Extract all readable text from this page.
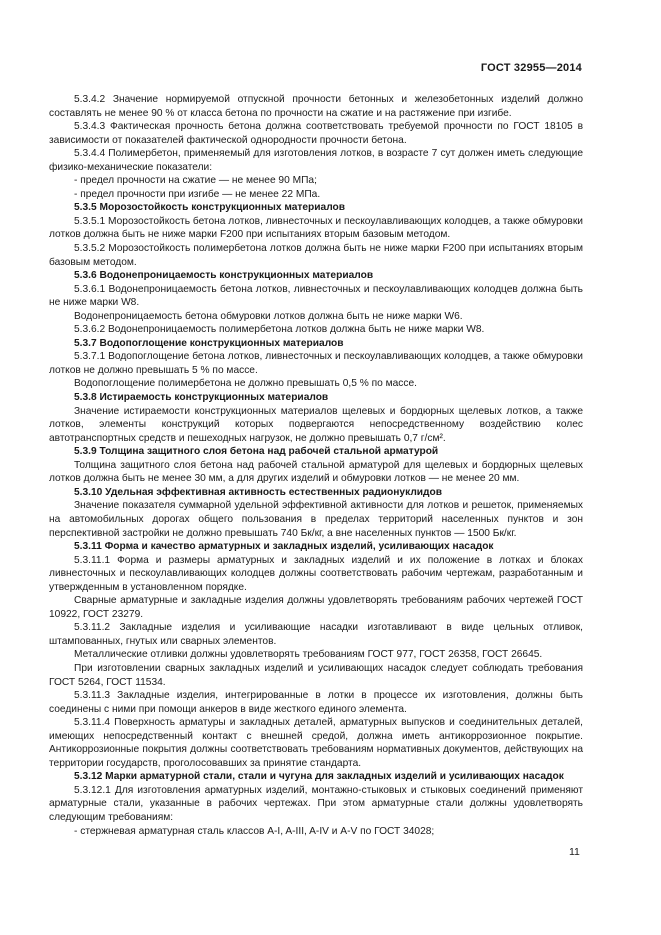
ГОСТ 32955—2014

5.3.4.2 Значение нормируемой отпускной прочности бетонных и железобетонных изделий должно составлять не менее 90 % от класса бетона по прочности на сжатие и на растяжение при изгибе.

5.3.4.3 Фактическая прочность бетона должна соответствовать требуемой прочности по ГОСТ 18105 в зависимости от показателей фактической однородности прочности бетона.

5.3.4.4 Полимербетон, применяемый для изготовления лотков, в возрасте 7 сут должен иметь следующие физико-механические показатели:

- предел прочности на сжатие — не менее 90 МПа;

- предел прочности при изгибе — не менее 22 МПа.

5.3.5 Морозостойкость конструкционных материалов

5.3.5.1 Морозостойкость бетона лотков, ливнесточных и пескоулавливающих колодцев, а также обмуровки лотков должна быть не ниже марки F200 при испытаниях вторым базовым методом.

5.3.5.2 Морозостойкость полимербетона лотков должна быть не ниже марки F200 при испытаниях вторым базовым методом.

5.3.6 Водонепроницаемость конструкционных материалов

5.3.6.1 Водонепроницаемость бетона лотков, ливнесточных и пескоулавливающих колодцев должна быть не ниже марки W8.

Водонепроницаемость бетона обмуровки лотков должна быть не ниже марки W6.

5.3.6.2 Водонепроницаемость полимербетона лотков должна быть не ниже марки W8.

5.3.7 Водопоглощение конструкционных материалов

5.3.7.1 Водопоглощение бетона лотков, ливнесточных и пескоулавливающих колодцев, а также обмуровки лотков не должно превышать 5 % по массе.

Водопоглощение полимербетона не должно превышать 0,5 % по массе.

5.3.8 Истираемость конструкционных материалов

Значение истираемости конструкционных материалов щелевых и бордюрных щелевых лотков, а также лотков, элементы конструкций которых подвергаются непосредственному воздействию колес автотранспортных средств и пешеходных нагрузок, не должно превышать 0,7 г/см².

5.3.9 Толщина защитного слоя бетона над рабочей стальной арматурой

Толщина защитного слоя бетона над рабочей стальной арматурой для щелевых и бордюрных щелевых лотков должна быть не менее 30 мм, а для других изделий и обмуровки лотков — не менее 20 мм.

5.3.10 Удельная эффективная активность естественных радионуклидов

Значение показателя суммарной удельной эффективной активности для лотков и решеток, применяемых на автомобильных дорогах общего пользования в пределах территорий населенных пунктов и зон перспективной застройки не должно превышать 740 Бк/кг, а вне населенных пунктов — 1500 Бк/кг.

5.3.11 Форма и качество арматурных и закладных изделий, усиливающих насадок

5.3.11.1 Форма и размеры арматурных и закладных изделий и их положение в лотках и блоках ливнесточных и пескоулавливающих колодцев должны соответствовать рабочим чертежам, разработанным и утвержденным в установленном порядке.

Сварные арматурные и закладные изделия должны удовлетворять требованиям рабочих чертежей ГОСТ 10922, ГОСТ 23279.

5.3.11.2 Закладные изделия и усиливающие насадки изготавливают в виде цельных отливок, штампованных, гнутых или сварных элементов.

Металлические отливки должны удовлетворять требованиям ГОСТ 977, ГОСТ 26358, ГОСТ 26645.

При изготовлении сварных закладных изделий и усиливающих насадок следует соблюдать требования ГОСТ 5264, ГОСТ 11534.

5.3.11.3 Закладные изделия, интегрированные в лотки в процессе их изготовления, должны быть соединены с ними при помощи анкеров в виде жесткого единого элемента.

5.3.11.4 Поверхность арматуры и закладных деталей, арматурных выпусков и соединительных деталей, имеющих непосредственный контакт с внешней средой, должна иметь антикоррозионное покрытие. Антикоррозионные покрытия должны соответствовать требованиям нормативных документов, действующих на территории государств, проголосовавших за принятие стандарта.

5.3.12 Марки арматурной стали, стали и чугуна для закладных изделий и усиливающих насадок

5.3.12.1 Для изготовления арматурных изделий, монтажно-стыковых и стыковых соединений применяют арматурные стали, указанные в рабочих чертежах. При этом арматурные стали должны удовлетворять следующим требованиям:

- стержневая арматурная сталь классов A-I, A-III, A-IV и A-V по ГОСТ 34028;

11
